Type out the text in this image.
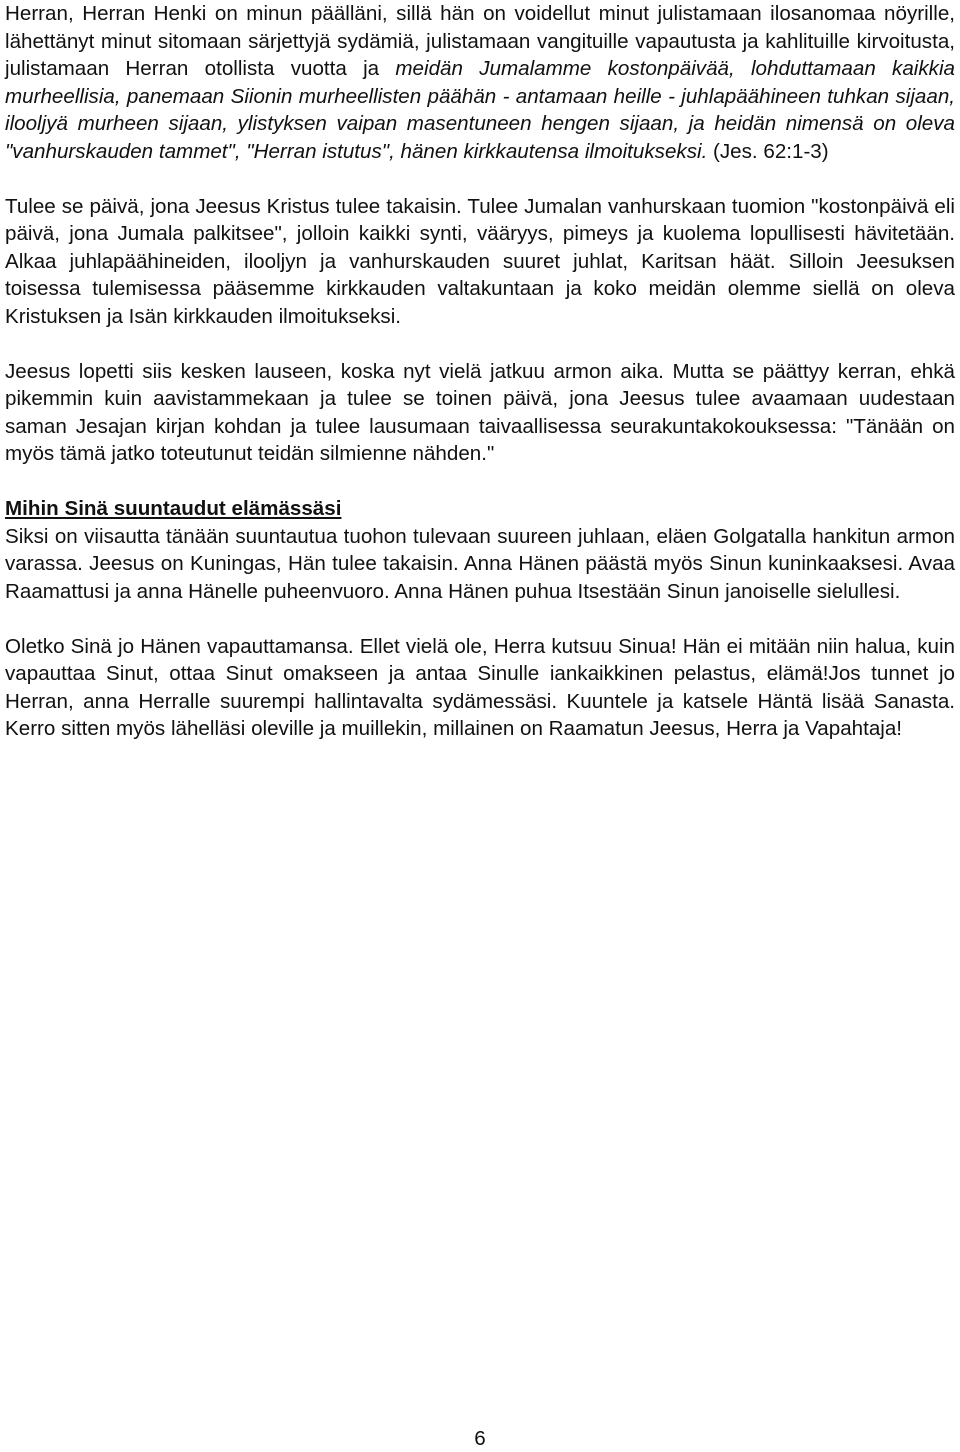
Herran, Herran Henki on minun päälläni, sillä hän on voidellut minut julistamaan ilosanomaa nöyrille, lähettänyt minut sitomaan särjettyjä sydämiä, julistamaan vangituille vapautusta ja kahlituille kirvoitusta, julistamaan Herran otollista vuotta ja meidän Jumalamme kostonpäivää, lohduttamaan kaikkia murheellisia, panemaan Siionin murheellisten päähän - antamaan heille - juhlapäähineen tuhkan sijaan, ilooljyä murheen sijaan, ylistyksen vaipan masentuneen hengen sijaan, ja heidän nimensä on oleva "vanhurskauden tammet", "Herran istutus", hänen kirkkautensa ilmoitukseksi. (Jes. 62:1-3)

Tulee se päivä, jona Jeesus Kristus tulee takaisin. Tulee Jumalan vanhurskaan tuomion "kostonpäivä eli päivä, jona Jumala palkitsee", jolloin kaikki synti, vääryys, pimeys ja kuolema lopullisesti hävitetään. Alkaa juhlapäähineiden, ilooljyn ja vanhurskauden suuret juhlat, Karitsan häät. Silloin Jeesuksen toisessa tulemisessa pääsemme kirkkauden valtakuntaan ja koko meidän olemme siellä on oleva Kristuksen ja Isän kirkkauden ilmoitukseksi.

Jeesus lopetti siis kesken lauseen, koska nyt vielä jatkuu armon aika. Mutta se päättyy kerran, ehkä pikemmin kuin aavistammekaan ja tulee se toinen päivä, jona Jeesus tulee avaamaan uudestaan saman Jesajan kirjan kohdan ja tulee lausumaan taivaallisessa seurakuntakokouksessa: "Tänään on myös tämä jatko toteutunut teidän silmienne nähden."

Mihin Sinä suuntaudut elämässäsi

Siksi on viisautta tänään suuntautua tuohon tulevaan suureen juhlaan, eläen Golgatalla hankitun armon varassa. Jeesus on Kuningas, Hän tulee takaisin. Anna Hänen päästä myös Sinun kuninkaaksesi. Avaa Raamattusi ja anna Hänelle puheenvuoro. Anna Hänen puhua Itsestään Sinun janoiselle sielullesi.

Oletko Sinä jo Hänen vapauttamansa. Ellet vielä ole, Herra kutsuu Sinua! Hän ei mitään niin halua, kuin vapauttaa Sinut, ottaa Sinut omakseen ja antaa Sinulle iankaikkinen pelastus, elämä!Jos tunnet jo Herran, anna Herralle suurempi hallintavalta sydämessäsi. Kuuntele ja katsele Häntä lisää Sanasta. Kerro sitten myös lähelläsi oleville ja muillekin, millainen on Raamatun Jeesus, Herra ja Vapahtaja!

6
